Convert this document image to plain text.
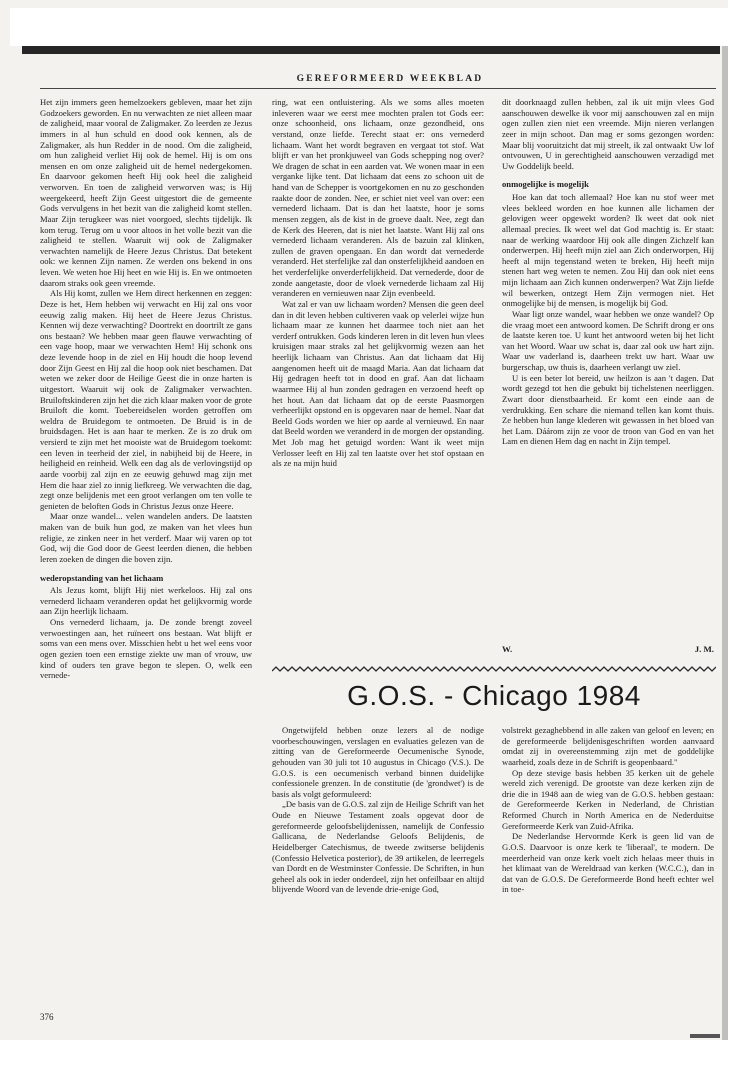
GEREFORMEERD WEEKBLAD

Het zijn immers geen hemelzoekers gebleven, maar het zijn Godzoekers geworden. En nu verwachten ze niet alleen maar de zaligheid, maar vooral de Zaligmaker. Zo leerden ze Jezus immers in al hun schuld en dood ook kennen, als de Zaligmaker, als hun Redder in de nood. Om die zaligheid, om hun zaligheid verliet Hij ook de hemel. Hij is om ons mensen en om onze zaligheid uit de hemel nedergekomen. En daarvoor gekomen heeft Hij ook heel die zaligheid verworven. En toen de zaligheid verworven was; is Hij weergekeerd, heeft Zijn Geest uitgestort die de gemeente Gods vervulgens in het bezit van die zaligheid komt stellen. Maar Zijn terugkeer was niet voorgoed, slechts tijdelijk. Ik kom terug. Terug om u voor altoos in het volle bezit van die zaligheid te stellen. Waaruit wij ook de Zaligmaker verwachten namelijk de Heere Jezus Christus. Dat betekent ook: we kennen Zijn namen. Ze werden ons bekend in ons leven. We weten hoe Hij heet en wie Hij is. En we ontmoeten daarom straks ook geen vreemde.

Als Hij komt, zullen we Hem direct herkennen en zeggen: Deze is het, Hem hebben wij verwacht en Hij zal ons voor eeuwig zalig maken. Hij heet de Heere Jezus Christus. Kennen wij deze verwachting? Doortrekt en doortrilt ze gans ons bestaan? We hebben maar geen flauwe verwachting of een vage hoop, maar we verwachten Hem! Hij schonk ons deze levende hoop in de ziel en Hij houdt die hoop levend door Zijn Geest en Hij zal die hoop ook niet beschamen. Dat weten we zeker door de Heilige Geest die in onze harten is uitgestort. Waaruit wij ook de Zaligmaker verwachten. Bruiloftskinderen zijn het die zich klaar maken voor de grote Bruiloft die komt. Toebereidselen worden getroffen om weldra de Bruidegom te ontmoeten. De Bruid is in de bruidsdagen. Het is aan haar te merken. Ze is zo druk om versierd te zijn met het mooiste wat de Bruidegom toekomt: een leven in teerheid der ziel, in nabijheid bij de Heere, in heiligheid en reinheid. Welk een dag als de verlovingstijd op aarde voorbij zal zijn en ze eeuwig gehuwd mag zijn met Hem die haar ziel zo innig liefkreeg. We verwachten die dag, zegt onze belijdenis met een groot verlangen om ten volle te genieten de beloften Gods in Christus Jezus onze Heere.

Maar onze wandel... velen wandelen anders. De laatsten maken van de buik hun god, ze maken van het vlees hun religie, ze zinken neer in het verderf. Maar wij varen op tot God, wij die God door de Geest leerden dienen, die hebben leren zoeken de dingen die boven zijn.

wederopstanding van het lichaam

Als Jezus komt, blijft Hij niet werkeloos. Hij zal ons vernederd lichaam veranderen opdat het gelijkvormig worde aan Zijn heerlijk lichaam.

Ons vernederd lichaam, ja. De zonde brengt zoveel verwoestingen aan, het ruïneert ons bestaan. Wat blijft er soms van een mens over. Misschien hebt u het wel eens voor ogen gezien toen een ernstige ziekte uw man of vrouw, uw kind of ouders ten grave begon te slepen. O, welk een vernede-

ring, wat een ontluistering. Als we soms alles moeten inleveren waar we eerst mee mochten pralen tot Gods eer: onze schoonheid, ons lichaam, onze gezondheid, ons verstand, onze liefde. Terecht staat er: ons vernederd lichaam. Want het wordt begraven en vergaat tot stof. Wat blijft er van het pronkjuweel van Gods schepping nog over? We dragen de schat in een aarden vat. We wonen maar in een verganke lijke tent. Dat lichaam dat eens zo schoon uit de hand van de Schepper is voortgekomen en nu zo geschonden raakte door de zonden. Nee, er schiet niet veel van over: een vernederd lichaam. Dat is dan het laatste, hoor je soms mensen zeggen, als de kist in de groeve daalt. Nee, zegt dan de Kerk des Heeren, dat is niet het laatste. Want Hij zal ons vernederd lichaam veranderen. Als de bazuin zal klinken, zullen de graven opengaan. En dan wordt dat vernederde veranderd. Het sterfelijke zal dan onsterfelijkheid aandoen en het verderfelijke onverderfelijkheid. Dat vernederde, door de zonde aangetaste, door de vloek vernederde lichaam zal Hij veranderen en vernieuwen naar Zijn evenbeeld.

Wat zal er van uw lichaam worden? Mensen die geen deel dan in dit leven hebben cultiveren vaak op velerlei wijze hun lichaam maar ze kunnen het daarmee toch niet aan het verderf ontrukken. Gods kinderen leren in dit leven hun vlees kruisigen maar straks zal het gelijkvormig wezen aan het heerlijk lichaam van Christus. Aan dat lichaam dat Hij aangenomen heeft uit de maagd Maria. Aan dat lichaam dat Hij gedragen heeft tot in dood en graf. Aan dat lichaam waarmee Hij al hun zonden gedragen en verzoend heeft op het hout. Aan dat lichaam dat op de eerste Paasmorgen verheerlijkt opstond en is opgevaren naar de hemel. Naar dat Beeld Gods worden we hier op aarde al vernieuwd. En naar dat Beeld worden we veranderd in de morgen der opstanding. Met Job mag het getuigd worden: Want ik weet mijn Verlosser leeft en Hij zal ten laatste over het stof opstaan en als ze na mijn huid

dit doorknaagd zullen hebben, zal ik uit mijn vlees God aanschouwen dewelke ik voor mij aanschouwen zal en mijn ogen zullen zien niet een vreemde. Mijn nieren verlangen zeer in mijn schoot. Dan mag er soms gezongen worden: Maar blij vooruitzicht dat mij streelt, ik zal ontwaakt Uw lof ontvouwen, U in gerechtigheid aanschouwen verzadigd met Uw Goddelijk beeld.

onmogelijke is mogelijk

Hoe kan dat toch allemaal? Hoe kan nu stof weer met vlees bekleed worden en hoe kunnen alle lichamen der gelovigen weer opgewekt worden? Ik weet dat ook niet allemaal precies. Ik weet wel dat God machtig is. Er staat: naar de werking waardoor Hij ook alle dingen Zichzelf kan onderwerpen. Hij heeft mijn ziel aan Zich onderworpen, Hij heeft al mijn tegenstand weten te breken, Hij heeft mijn stenen hart weg weten te nemen. Zou Hij dan ook niet eens mijn lichaam aan Zich kunnen onderwerpen? Wat Zijn liefde wil bewerken, ontzegt Hem Zijn vermogen niet. Het onmogelijke bij de mensen, is mogelijk bij God.

Waar ligt onze wandel, waar hebben we onze wandel? Op die vraag moet een antwoord komen. De Schrift drong er ons de laatste keren toe. U kunt het antwoord weten bij het licht van het Woord. Waar uw schat is, daar zal ook uw hart zijn. Waar uw vaderland is, daarheen trekt uw hart. Waar uw burgerschap, uw thuis is, daarheen verlangt uw ziel.

U is een beter lot bereid, uw heilzon is aan 't dagen. Dat wordt gezegd tot hen die gebukt bij tichelstenen neerliggen. Zwart door dienstbaarheid. Er komt een einde aan de verdrukking. Een schare die niemand tellen kan komt thuis. Ze hebben hun lange klederen wit gewassen in het bloed van het Lam. Dáárom zijn ze voor de troon van God en van het Lam en dienen Hem dag en nacht in Zijn tempel.

W.	J. M.
G.O.S. - Chicago 1984

Ongetwijfeld hebben onze lezers al de nodige voorbeschouwingen, verslagen en evaluaties gelezen van de zitting van de Gereformeerde Oecumenische Synode, gehouden van 30 juli tot 10 augustus in Chicago (V.S.). De G.O.S. is een oecumenisch verband binnen duidelijke confessionele grenzen. In de constitutie (de 'grondwet') is de basis als volgt geformuleerd:

„De basis van de G.O.S. zal zijn de Heilige Schrift van het Oude en Nieuwe Testament zoals opgevat door de gereformeerde geloofsbelijdenissen, namelijk de Confessio Gallicana, de Nederlandse Geloofs Belijdenis, de Heidelberger Catechismus, de tweede zwitserse belijdenis (Confessio Helvetica posterior), de 39 artikelen, de leerregels van Dordt en de Westminster Confessie. De Schriften, in hun geheel als ook in ieder onderdeel, zijn het onfeilbaar en altijd blijvende Woord van de levende drie-enige God,

volstrekt gezaghebbend in alle zaken van geloof en leven; en de gereformeerde belijdenisgeschriften worden aanvaard omdat zij in overeenstemming zijn met de goddelijke waarheid, zoals deze in de Schrift is geopenbaard."

Op deze stevige basis hebben 35 kerken uit de gehele wereld zich verenigd. De grootste van deze kerken zijn de drie die in 1948 aan de wieg van de G.O.S. hebben gestaan: de Gereformeerde Kerken in Nederland, de Christian Reformed Church in North America en de Nederduitse Gereformeerde Kerk van Zuid-Afrika.

De Nederlandse Hervormde Kerk is geen lid van de G.O.S. Daarvoor is onze kerk te 'liberaal', te modern. De meerderheid van onze kerk voelt zich helaas meer thuis in het klimaat van de Wereldraad van kerken (W.C.C.), dan in dat van de G.O.S. De Gereformeerde Bond heeft echter wel in toe-

376
